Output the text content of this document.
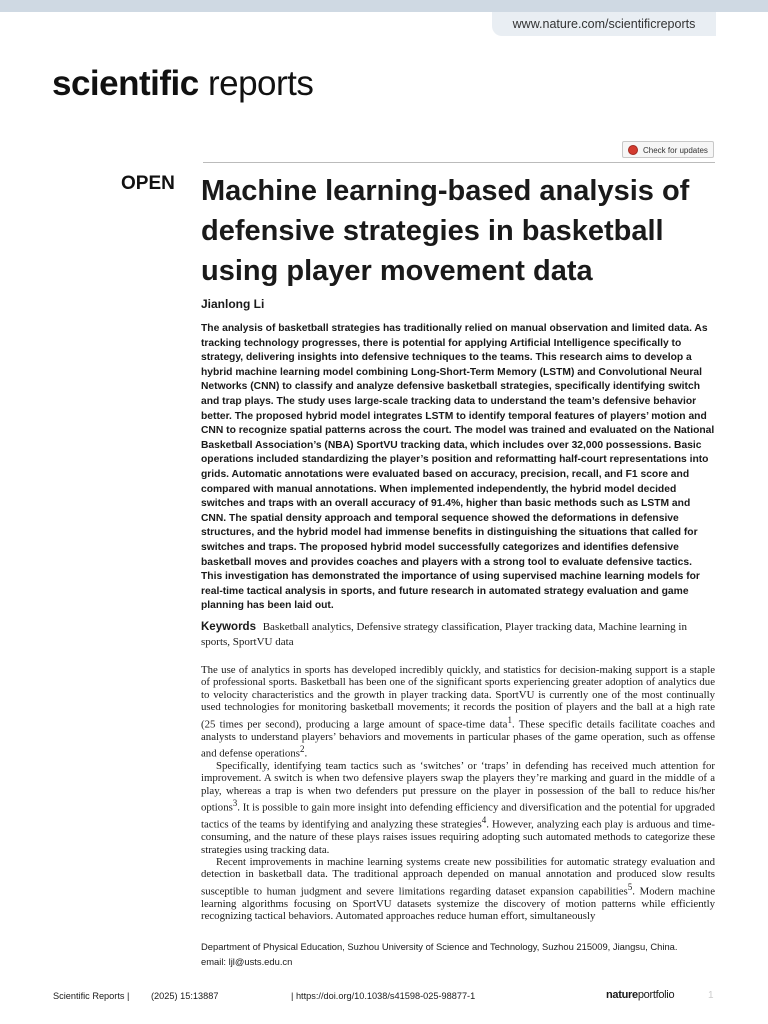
www.nature.com/scientificreports
scientific reports
Check for updates
OPEN Machine learning-based analysis of defensive strategies in basketball using player movement data
Jianlong Li

The analysis of basketball strategies has traditionally relied on manual observation and limited data. As tracking technology progresses, there is potential for applying Artificial Intelligence specifically to strategy, delivering insights into defensive techniques to the teams. This research aims to develop a hybrid machine learning model combining Long-Short-Term Memory (LSTM) and Convolutional Neural Networks (CNN) to classify and analyze defensive basketball strategies, specifically identifying switch and trap plays. The study uses large-scale tracking data to understand the team’s defensive behavior better. The proposed hybrid model integrates LSTM to identify temporal features of players’ motion and CNN to recognize spatial patterns across the court. The model was trained and evaluated on the National Basketball Association’s (NBA) SportVU tracking data, which includes over 32,000 possessions. Basic operations included standardizing the player’s position and reformatting half-court representations into grids. Automatic annotations were evaluated based on accuracy, precision, recall, and F1 score and compared with manual annotations. When implemented independently, the hybrid model decided switches and traps with an overall accuracy of 91.4%, higher than basic methods such as LSTM and CNN. The spatial density approach and temporal sequence showed the deformations in defensive structures, and the hybrid model had immense benefits in distinguishing the situations that called for switches and traps. The proposed hybrid model successfully categorizes and identifies defensive basketball moves and provides coaches and players with a strong tool to evaluate defensive tactics. This investigation has demonstrated the importance of using supervised machine learning models for real-time tactical analysis in sports, and future research in automated strategy evaluation and game planning has been laid out.

Keywords Basketball analytics, Defensive strategy classification, Player tracking data, Machine learning in sports, SportVU data

The use of analytics in sports has developed incredibly quickly, and statistics for decision-making support is a staple of professional sports. Basketball has been one of the significant sports experiencing greater adoption of analytics due to velocity characteristics and the growth in player tracking data. SportVU is currently one of the most continually used technologies for monitoring basketball movements; it records the position of players and the ball at a high rate (25 times per second), producing a large amount of space-time data$^1$. These specific details facilitate coaches and analysts to understand players’ behaviors and movements in particular phases of the game operation, such as offense and defense operations$^2$.

Specifically, identifying team tactics such as ‘switches’ or ‘traps’ in defending has received much attention for improvement. A switch is when two defensive players swap the players they’re marking and guard in the middle of a play, whereas a trap is when two defenders put pressure on the player in possession of the ball to reduce his/her options$^3$. It is possible to gain more insight into defending efficiency and diversification and the potential for upgraded tactics of the teams by identifying and analyzing these strategies$^4$. However, analyzing each play is arduous and time-consuming, and the nature of these plays raises issues requiring adopting such automated methods to categorize these strategies using tracking data.

Recent improvements in machine learning systems create new possibilities for automatic strategy evaluation and detection in basketball data. The traditional approach depended on manual annotation and produced slow results susceptible to human judgment and severe limitations regarding dataset expansion capabilities$^5$. Modern machine learning algorithms focusing on SportVU datasets systemize the discovery of motion patterns while efficiently recognizing tactical behaviors. Automated approaches reduce human effort, simultaneously

Department of Physical Education, Suzhou University of Science and Technology, Suzhou 215009, Jiangsu, China.

email: ljl@usts.edu.cn

Scientific Reports | (2025) 15:13887	| https://doi.org/10.1038/s41598-025-98877-1	natureportfolio	1
